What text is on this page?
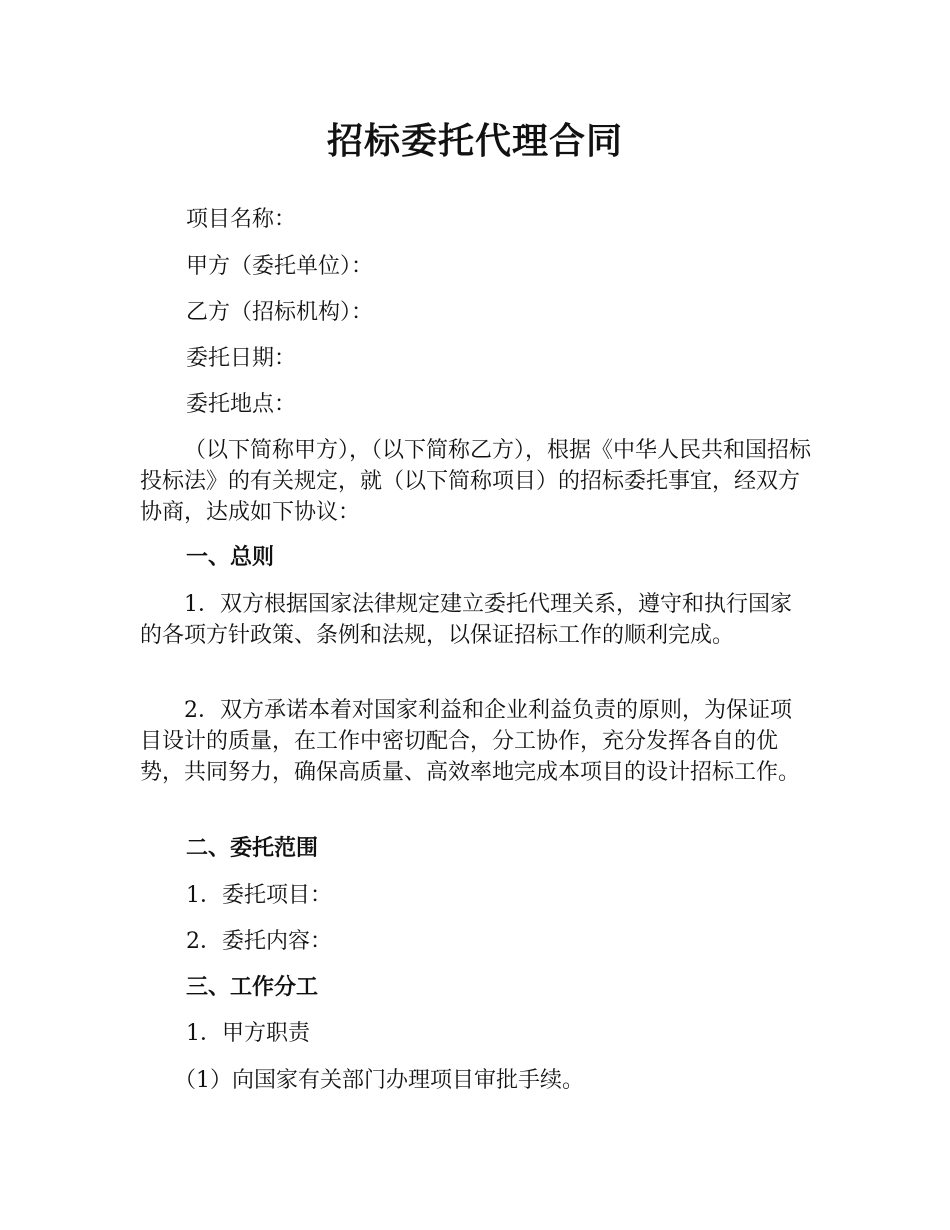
招标委托代理合同
项目名称：
甲方（委托单位）：
乙方（招标机构）：
委托日期：
委托地点：
（以下简称甲方），（以下简称乙方），根据《中华人民共和国招标投标法》的有关规定，就（以下简称项目）的招标委托事宜，经双方协商，达成如下协议：
一、总则
1．双方根据国家法律规定建立委托代理关系，遵守和执行国家的各项方针政策、条例和法规，以保证招标工作的顺利完成。
2．双方承诺本着对国家利益和企业利益负责的原则，为保证项目设计的质量，在工作中密切配合，分工协作，充分发挥各自的优势，共同努力，确保高质量、高效率地完成本项目的设计招标工作。
二、委托范围
1．委托项目：
2．委托内容：
三、工作分工
1．甲方职责
（1）向国家有关部门办理项目审批手续。
